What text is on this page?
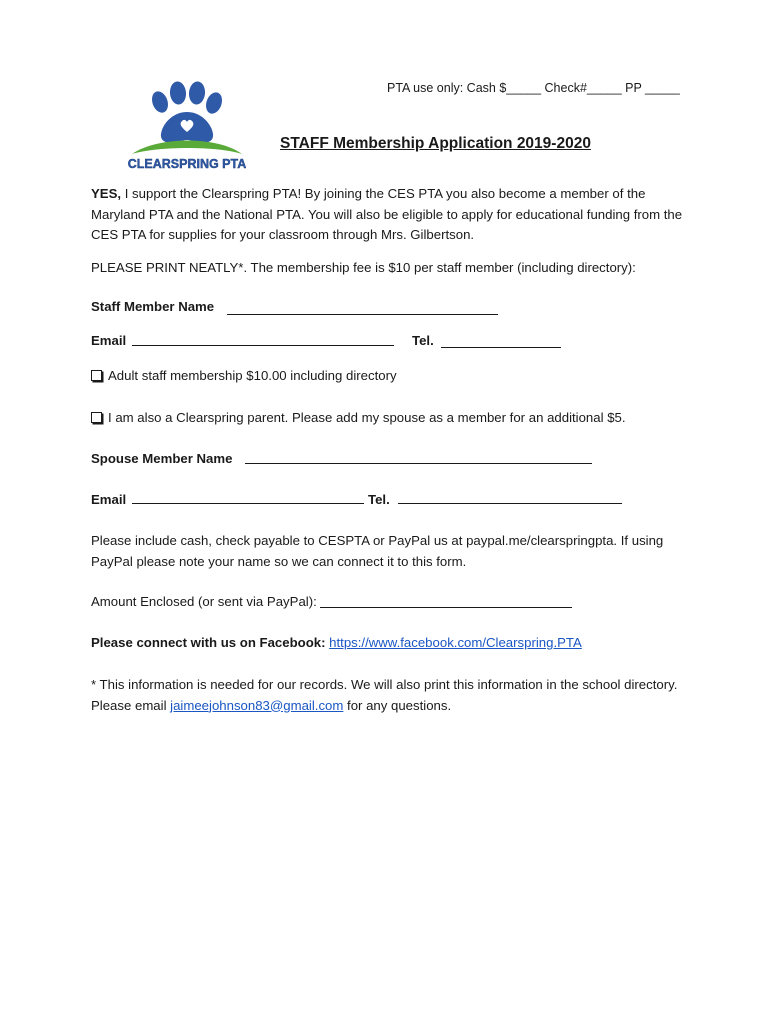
PTA use only: Cash $_____ Check#_____ PP _____
CLEARSPRING PTA
STAFF Membership Application 2019-2020
YES, I support the Clearspring PTA! By joining the CES PTA you also become a member of the Maryland PTA and the National PTA. You will also be eligible to apply for educational funding from the CES PTA for supplies for your classroom through Mrs. Gilbertson.
PLEASE PRINT NEATLY*. The membership fee is $10 per staff member (including directory):
Staff Member Name
Email	Tel.
Adult staff membership $10.00 including directory
I am also a Clearspring parent. Please add my spouse as a member for an additional $5.
Spouse Member Name
Email	Tel.
Please include cash, check payable to CESPTA or PayPal us at paypal.me/clearspringpta. If using PayPal please note your name so we can connect it to this form.
Amount Enclosed (or sent via PayPal):
Please connect with us on Facebook: https://www.facebook.com/Clearspring.PTA
* This information is needed for our records. We will also print this information in the school directory. Please email jaimeejohnson83@gmail.com for any questions.
